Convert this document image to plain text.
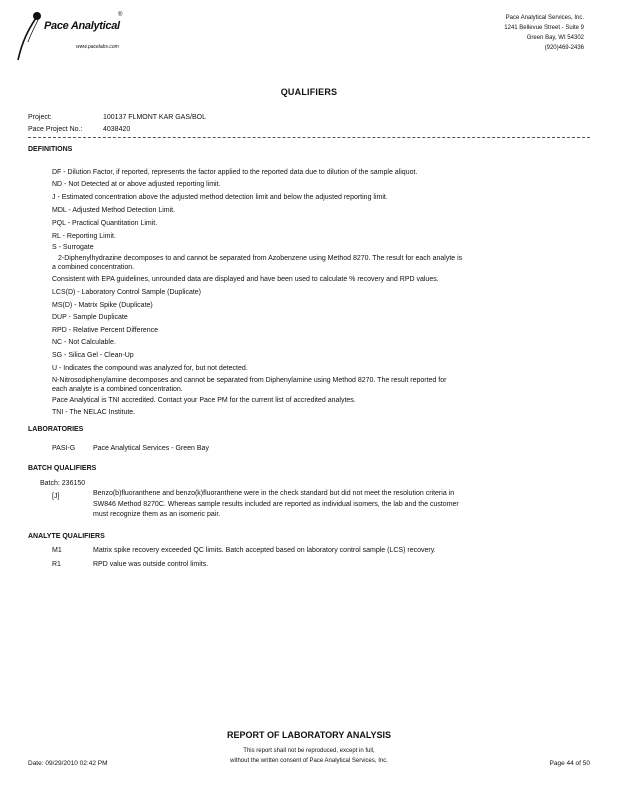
Pace Analytical
®
www.pacelabs.com
Pace Analytical Services, Inc.
1241 Bellevue Street - Suite 9
Green Bay, WI 54302
(920)469-2436
QUALIFIERS
Project:	100137 FLMONT KAR GAS/BOL
Pace Project No.:	4038420
DEFINITIONS
DF - Dilution Factor, if reported, represents the factor applied to the reported data due to dilution of the sample aliquot.
ND - Not Detected at or above adjusted reporting limit.
J - Estimated concentration above the adjusted method detection limit and below the adjusted reporting limit.
MDL - Adjusted Method Detection Limit.
PQL - Practical Quantitation Limit.
RL - Reporting Limit.
S - Surrogate
2-Diphenylhydrazine decomposes to and cannot be separated from Azobenzene using Method 8270. The result for each analyte is
a combined concentration.
Consistent with EPA guidelines, unrounded data are displayed and have been used to calculate % recovery and RPD values.
LCS(D) - Laboratory Control Sample (Duplicate)
MS(D) - Matrix Spike (Duplicate)
DUP - Sample Duplicate
RPD - Relative Percent Difference
NC - Not Calculable.
SG - Silica Gel - Clean-Up
U - Indicates the compound was analyzed for, but not detected.
N-Nitrosodiphenylamine decomposes and cannot be separated from Diphenylamine using Method 8270. The result reported for
each analyte is a combined concentration.
Pace Analytical is TNI accredited. Contact your Pace PM for the current list of accredited analytes.
TNI - The NELAC Institute.
LABORATORIES
PASI-G	Pace Analytical Services - Green Bay
BATCH QUALIFIERS
Batch: 236150
[J]	Benzo(b)fluoranthene and benzo(k)fluoranthene were in the check standard but did not meet the resolution criteria in
SW846 Method 8270C. Whereas sample results included are reported as individual isomers, the lab and the customer
must recognize them as an isomeric pair.
ANALYTE QUALIFIERS
M1	Matrix spike recovery exceeded QC limits. Batch accepted based on laboratory control sample (LCS) recovery.
R1	RPD value was outside control limits.
REPORT OF LABORATORY ANALYSIS
This report shall not be reproduced, except in full,
without the written consent of Pace Analytical Services, Inc.
Date: 09/29/2010 02:42 PM	Page 44 of 50
